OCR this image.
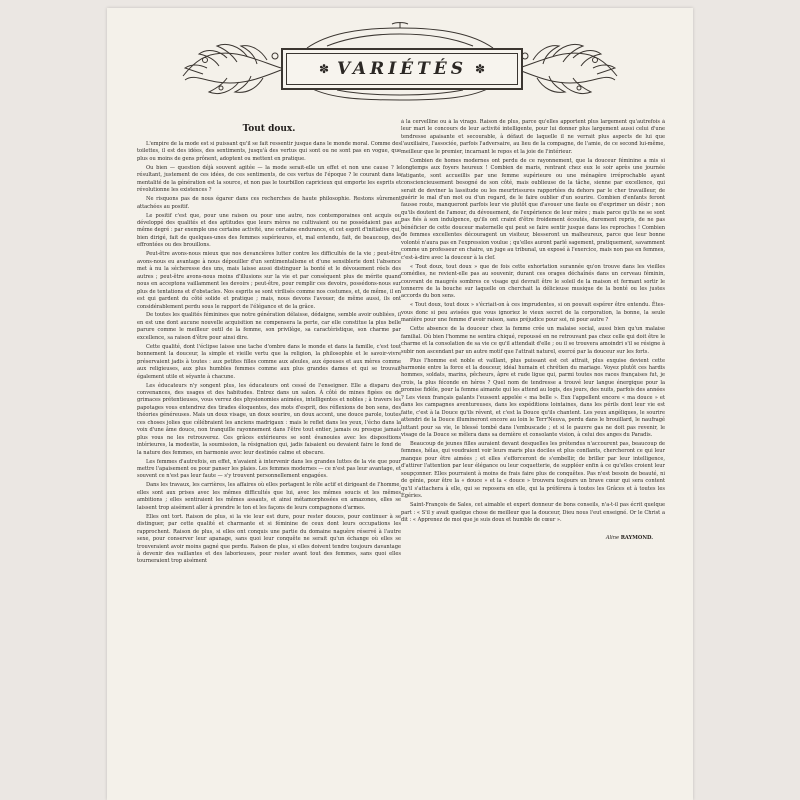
✽ VARIÉTÉS ✽
Tout doux.

L'empire de la mode est si puissant qu'il se fait ressentir jusque dans le monde moral. Comme des toilettes, il est des idées, des sentiments, jusqu'à des vertus qui sont ou ne sont pas en vogue, que plus ou moins de gens prônent, adoptent ou mettent en pratique.

Ou bien — question déjà souvent agitée — la mode serait-elle un effet et non une cause ? le résultant, justement de ces idées, de ces sentiments, de ces vertus de l'époque ? le courant dans la mentalité de la génération est la source, et non pas le tourbillon capricieux qui emporte les esprits et révolutionne les existences ?

Ne risquons pas de nous égarer dans ces recherches de haute philosophie. Restons sûrement attachées au positif.

Le positif c'est que, pour une raison ou pour une autre, nos contemporaines ont acquis ou développé des qualités et des aptitudes que leurs mères ne cultivaient ou ne possédaient pas au même degré : par exemple une certaine activité, une certaine endurance, et cet esprit d'initiative qui, bien dirigé, fait de quelques-unes des femmes supérieures, et, mal entendu, fait, de beaucoup, des effrontées ou des brouillons.

Peut-être avons-nous mieux que nos devancières lutter contre les difficultés de la vie ; peut-être avons-nous eu avantage à nous dépouiller d'un sentimentalisme et d'une sensiblerie dont l'absence met à nu la sécheresse des uns, mais laisse aussi distinguer la bonté et le dévouement réels des autres ; peut-être avons-nous moins d'illusions sur la vie et par conséquent plus de mérite quand nous en acceptons vaillamment les devoirs ; peut-être, pour remplir ces devoirs, possédons-nous sur plus de tentations et d'obstacles. Nos esprits se sont virilisés comme nos costumes, et, de même, il en est qui gardent du côté solide et pratique ; mais, nous devons l'avouer, de même aussi, ils ont considérablement perdu sous le rapport de l'élégance et de la grâce.

De toutes les qualités féminines que notre génération délaisse, dédaigne, semble avoir oubliées, il en est une dont aucune nouvelle acquisition ne compensera la perte, car elle constitue la plus belle parure comme le meilleur outil de la femme, son privilège, sa caractéristique, son charme par excellence, sa raison d'être pour ainsi dire.

Cette qualité, dont l'éclipse laisse une tache d'ombre dans le monde et dans la famille, c'est tout bonnement la douceur, la simple et vieille vertu que la religion, la philosophie et le savoir-vivre préservaient jadis à toutes : aux petites filles comme aux aïeules, aux épouses et aux mères comme aux religieuses, aux plus humbles femmes comme aux plus grandes dames et qui se trouvait également utile et séyante à chacune.

Les éducateurs n'y songent plus, les éducateurs ont cessé de l'enseigner. Elle a disparu des convenances, des usages et des habitudes. Entrez dans un salon. À côté de mines figées ou de grimaces prétentieuses, vous verrez des physionomies animées, intelligentes et nobles ; à travers les papotages vous entendrez des tirades éloquentes, des mots d'esprit, des réflexions de bon sens, des théories généreuses. Mais un doux visage, un doux sourire, un doux accent, une douce parole, toutes ces choses jolies que célébraient les anciens madrigaux : mais le reflet dans les yeux, l'écho dans la voix d'une âme douce, non tranquille rayonnement dans l'être tout entier, jamais ou presque jamais plus vous ne les retrouverez. Ces grâces extérieures se sont évanouies avec les dispositions intérieures, la modestie, la soumission, la résignation qui, jadis faisaient ou devaient faire le fond de la nature des femmes, en harmonie avec leur destinée calme et obscure.

Les femmes d'autrefois, en effet, n'avaient à intervenir dans les grandes luttes de la vie que pour mettre l'apaisement ou pour panser les plaies. Les femmes modernes — ce n'est pas leur avantage, et souvent ce n'est pas leur faute — s'y trouvent personnellement engagées.

Dans les travaux, les carrières, les affaires où elles portagent le rôle actif et dirigeant de l'homme, elles sont aux prises avec les mêmes difficultés que lui, avec les mêmes soucis et les mêmes ambitions ; elles sentiraient les mêmes assauts, et ainsi métamorphosées en amazones, elles se laissent trop aisément aller à prendre le ton et les façons de leurs compagnons d'armes.

Elles ont tort. Raison de plus, si la vie leur est dure, pour rester douces, pour continuer à se distinguer, par cette qualité et charmante et si féminine de ceux dont leurs occupations les rapprochent. Raison de plus, si elles ont conquis une partie du domaine naguère réservé à l'autre sexe, pour conserver leur apanage, sans quoi leur conquête ne serait qu'un échange où elles se trouveraient avoir moins gagné que perdu. Raison de plus, si elles doivent tendre toujours davantage à devenir des vaillantes et des laborieuses, pour rester avant tout des femmes, sans quoi elles tourneraient trop aisément

à la cervelline ou à la virago. Raison de plus, parce qu'elles apportent plus largement qu'autrefois à leur mari le concours de leur activité intelligente, pour lui donner plus largement aussi celui d'une tendresse apaisante et secourable, à défaut de laquelle il ne verrait plus aspects de lui que l'auxiliaire, l'associée, parfois l'adversaire, au lieu de la compagne, de l'amie, de ce second lui-même, meilleur que le premier, incarnant le repos et la joie de l'intérieur.

Combien de homes modernes ont perdu de ce rayonnement, que la douceur féminine a mis si longtemps aux foyers heureux ! Combien de maris, rentrant chez eux le soir après une journée fatigante, sont accueillis par une femme supérieure ou une ménagère irréprochable ayant consciencieusement besogné de son côté, mais oublieuse de la tâche, sienne par excellence, qui serait de deviner la lassitude ou les meurtrissures rapportées du dehors par le cher travailleur, de guérir le mal d'un mot ou d'un regard, de le faire oublier d'un sourire. Combien d'enfants feront fausse route, manqueront parfois leur vie plutôt que d'avouer une faute ou d'exprimer un désir ; non qu'ils doutent de l'amour, du dévouement, de l'expérience de leur mère ; mais parce qu'ils ne se sont pas fiés à son indulgence, qu'ils ont craint d'être froidement écoutés, durement repris, de ne pas bénéficier de cette douceur maternelle qui peut se faire sentir jusque dans les reproches ! Combien de femmes excellentes découragent un visiteur, blesseront un malheureux, parce que leur bonne volonté n'aura pas en l'expression voulue ; qu'elles auront parlé sagement, pratiquement, savamment comme un professeur en chaire, un juge au tribunal, un exposé à l'exercice, mais non pas en femmes, c'est-à-dire avec la douceur à la clef.

« Tout doux, tout doux » que de fois cette exhortation surannée qu'on trouve dans les vieilles comédies, ne revient-elle pas au souvenir, durant ces orages déchaînés dans un cerveau féminin, couvrant de maugrés sombres ce visage qui devrait être le soleil de la maison et fermant sortir le tonnerre de la bouche sur laquelle on cherchait la délicieuse musique de la bonté ou les justes accords du bon sens.

« Tout doux, tout doux » s'écriait-on à ces imprudentes, si on pouvait espérer être entendu. Êtes-vous donc si peu avisées que vous ignoriez le vieux secret de la corporation, la bonne, la seule manière pour une femme d'avoir raison, sans préjudice pour soi, ni pour autre ?

Cette absence de la douceur chez la femme crée un malaise social, aussi bien qu'un malaise familial. Où bien l'homme ne sentira chiqué, repoussé en ne retrouvant pas chez celle qui doit être le charme et la consolation de sa vie ce qu'il attendait d'elle ; ou il se trouvera amoindri s'il se résigne à subir non ascendant par un autre motif que l'attrait naturel, exercé par la douceur sur les forts.

Plus l'homme est noble et vaillant, plus puissant est cet attrait, plus exquise devient cette harmonie entre la force et la douceur, idéal humain et chrétien du mariage. Voyez plutôt ces hardis hommes, soldats, marins, pêcheurs, âpre et rude ligue qui, parmi toutes nos races françaises fut, je crois, la plus féconde en héros ? Quel nom de tendresse a trouvé leur langue énergique pour la promise fidèle, pour la femme aimante qui les attend au logis, des jours, des nuits, parfois des années ? Les vieux français galants l'eussent appelée « ma belle ». Eux l'appellent encore « ma douce » et dans les campagnes aventureuses, dans les expéditions lointaines, dans les périls dont leur vie est faite, c'est à la Douce qu'ils révent, et c'est la Douce qu'ils chantent. Les yeux angéliques, le sourire attendri de la Douce illumineront encore au loin le Terr'Neuva, perdu dans le brouillard, le naufragé luttant pour sa vie, le blessé tombé dans l'embuscade ; et si le pauvre gas ne doit pas revenir, le visage de la Douce se mêlera dans sa dernière et consolante vision, à celui des anges du Paradis.

Beaucoup de jeunes filles auraient devant desquelles les prétendus n'accourent pas, beaucoup de femmes, hélas, qui voudraient voir leurs maris plus dociles et plus conflants, chercheront ce qui leur manque pour être aimées ; et elles s'efforceront de s'embellir, de briller par leur intelligence, d'attirer l'attention par leur élégance ou leur coquetterie, de suppléer enfin à ce qu'elles croient leur soupçonner. Elles pourraient à moins de frais faire plus de conquêtes. Pas n'est besoin de beauté, ni de génie, pour être la « douce » et la « douce » trouvera toujours un brave cœur qui sera content qu'il s'attachera à elle, qui se reposera en elle, qui la préférera à toutes les Grâces et à toutes les Égéries.

Saint-François de Sales, cet aimable et expert donneur de bons conseils, n'a-t-il pas écrit quelque part : « S'il y avait quelque chose de meilleur que la douceur, Dieu nous l'eut enseigné. Or le Christ a dit : « Apprenez de moi que je suis doux et humble de cœur ».

Aline RAYMOND.
